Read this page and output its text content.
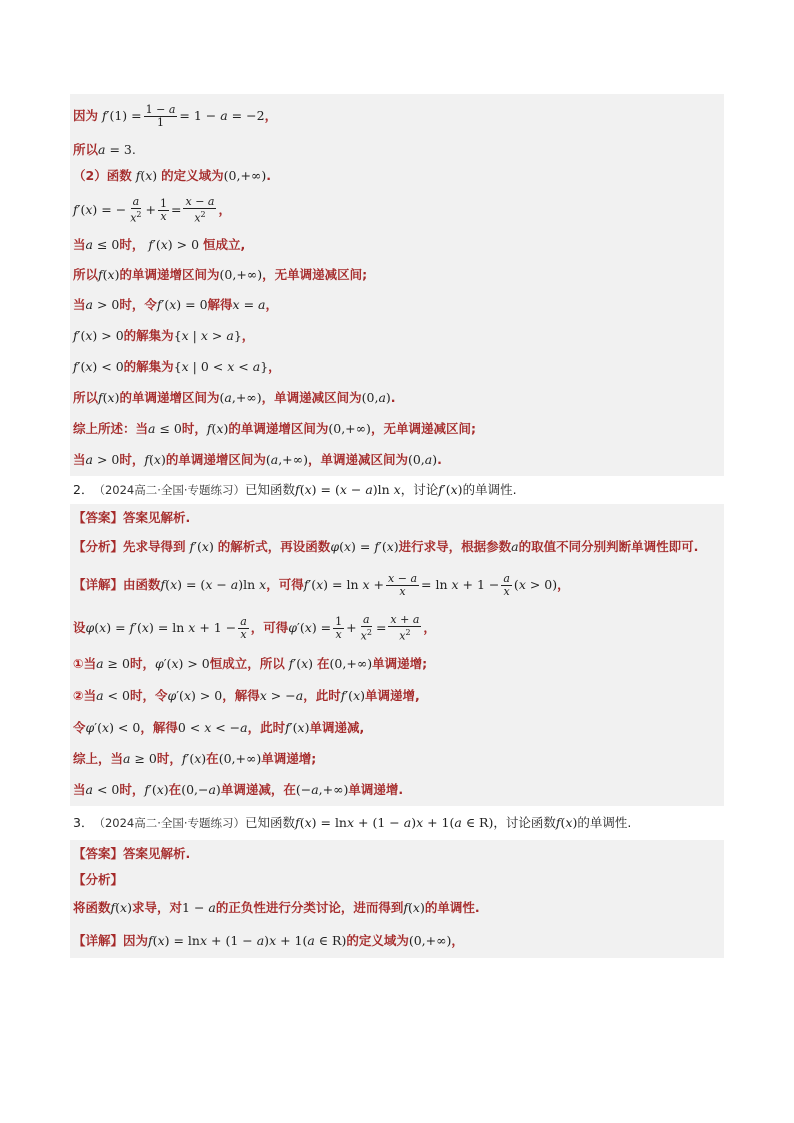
因为 $f'(1) = \frac{1 - a}{1} = 1 - a = -2$ ，
所以 a = 3.
（2）函数 f(x) 的定义域为 (0,+∞) .
f′(x) = − $\frac{a}{x^2} + \frac{1}{x} = \frac{x - a}{x^2}$ ，
当 a ≤ 0 时， f′(x) > 0 恒成立,
所以 f(x) 的单调递增区间为 (0,+∞) ，无单调递减区间;
当 a > 0 时，令 f′(x) = 0 解得 x = a ，
f′(x) > 0 的解集为 {x | x > a} ，
f′(x) < 0 的解集为 {x | 0 < x < a} ，
所以 f(x) 的单调递增区间为 (a,+∞) ，单调递减区间为 (0,a) .
综上所述：当 a ≤ 0 时， f(x) 的单调递增区间为 (0,+∞) ，无单调递减区间;
当 a > 0 时， f(x) 的单调递增区间为 (a,+∞) ，单调递减区间为 (0,a) .
2． （2024高二·全国·专题练习） 已知函数 f(x) = (x − a)ln x ，讨论 f′(x) 的单调性.
【答案】 答案见解析.
【分析】先求导得到 f′(x) 的解析式，再设函数φ(x) = f′(x)进行求导，根据参数a的取值不同分别判断单调性即可.
【详解】 由函数 f(x) = (x − a)ln x ，可得 $f'(x) = \ln x + \frac{x - a}{x} = \ln x + 1 - \frac{a}{x} (x > 0)$ ，
设 $\varphi(x) = f'(x) = \ln x + 1 - \frac{a}{x}$ ，可得 $\varphi'(x) = \frac{1}{x} + \frac{a}{x^2} = \frac{x + a}{x^2}$ ，
① 当 a ≥ 0 时， φ′(x) > 0 恒成立，所以 f′(x) 在 (0,+∞) 单调递增;
② 当 a < 0 时，令 φ′(x) > 0 ，解得 x > −a ，此时 f′(x) 单调递增,
令 φ′(x) < 0 ，解得 0 < x < −a ，此时 f′(x) 单调递减,
综上，当 a ≥ 0 时， f′(x) 在 (0,+∞) 单调递增;
当 a < 0 时， f′(x) 在 (0,−a) 单调递减，在 (−a,+∞) 单调递增.
3． （2024高二·全国·专题练习） 已知函数 f(x) = lnx + (1 − a)x + 1(a ∈ R) ，讨论函数 f(x) 的单调性.
【答案】 答案见解析.
【分析】
将函数 f(x) 求导，对 1 − a 的正负性进行分类讨论，进而得到 f(x) 的单调性.
【详解】 因为 f(x) = lnx + (1 − a)x + 1(a ∈ R) 的定义域为 (0,+∞) ，
